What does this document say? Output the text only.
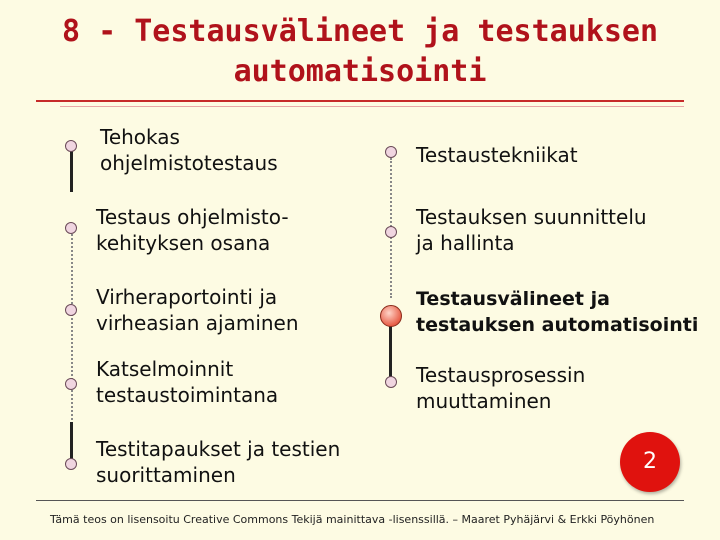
8 - Testausvälineet ja testauksen
automatisointi
Tehokas
ohjelmistotestaus
Testaus ohjelmisto-
kehityksen osana
Virheraportointi ja
virheasian ajaminen
Katselmoinnit
testaustoimintana
Testitapaukset ja testien
suorittaminen
Testaustekniikat
Testauksen suunnittelu
ja hallinta
Testausvälineet ja
testauksen automatisointi
Testausprosessin
muuttaminen
2
Tämä teos on lisensoitu Creative Commons Tekijä mainittava -lisenssillä. – Maaret Pyhäjärvi & Erkki Pöyhönen
